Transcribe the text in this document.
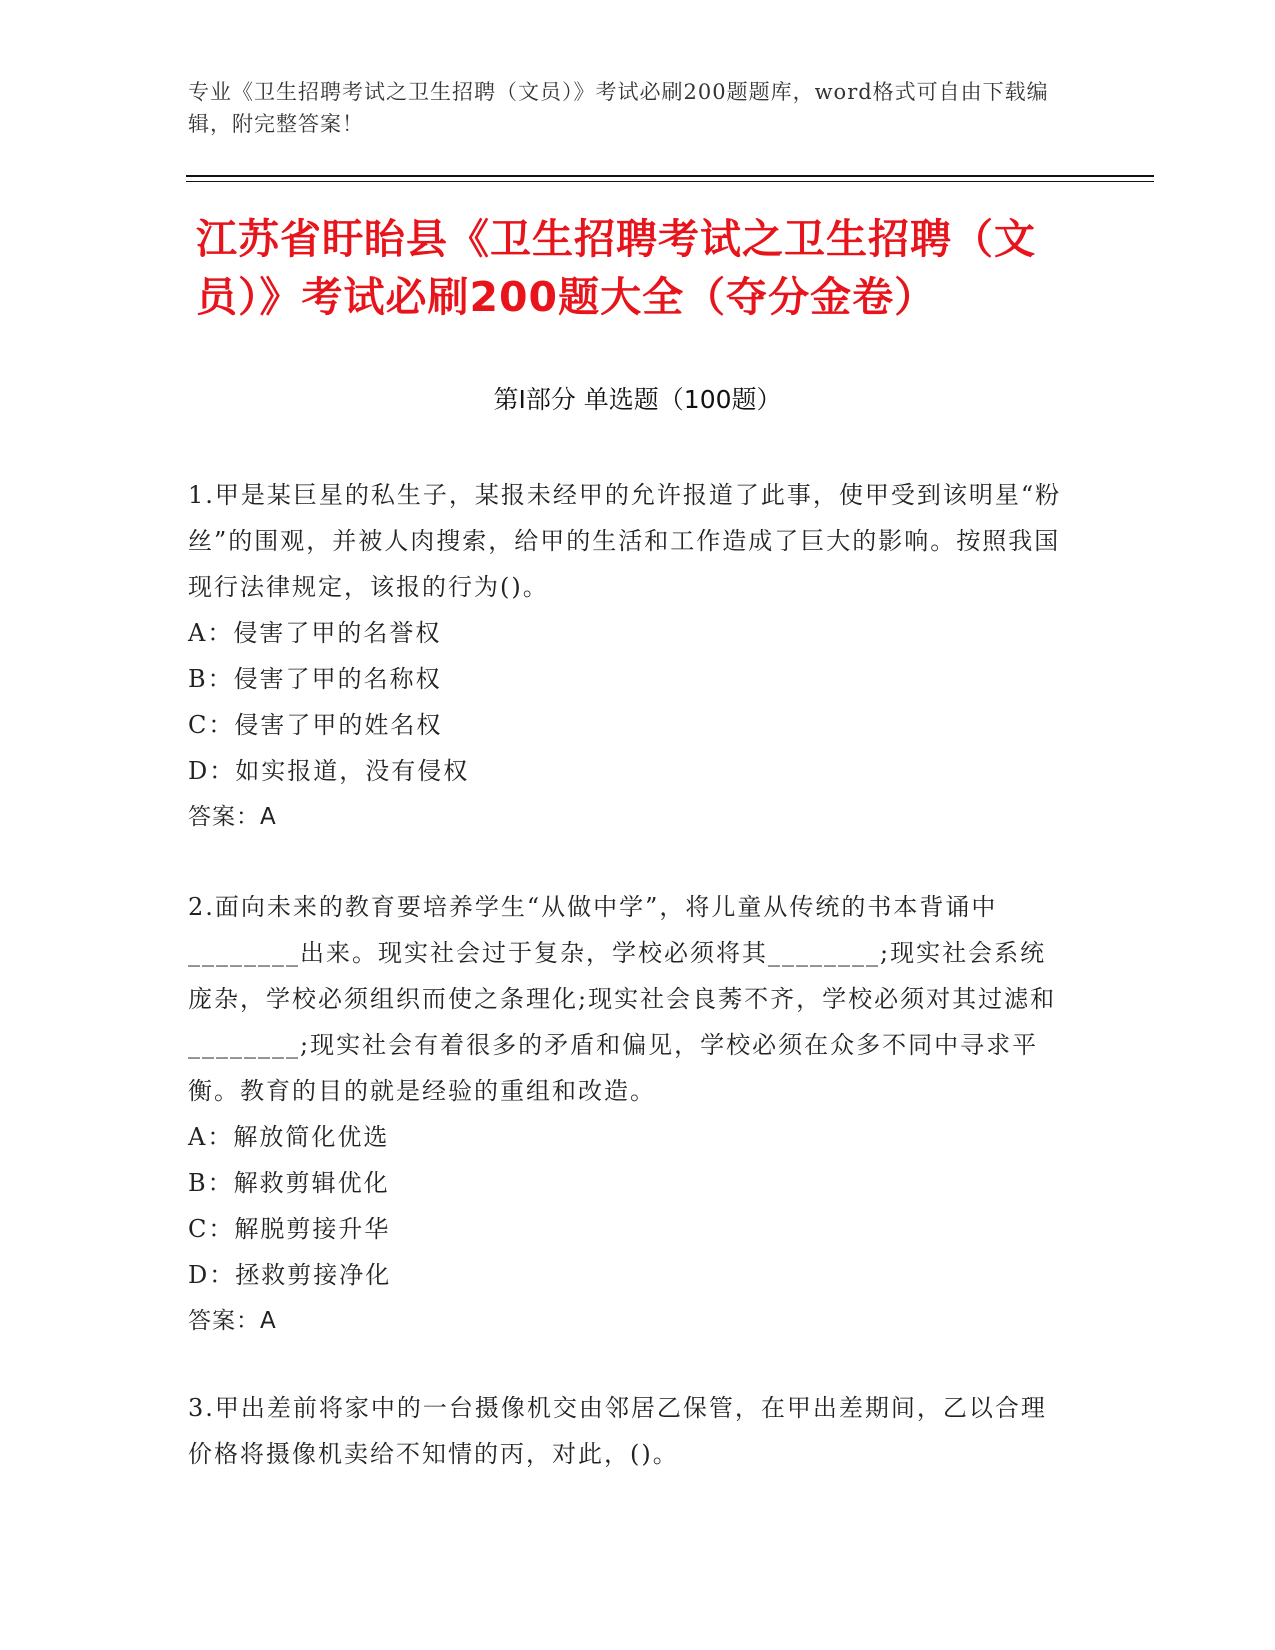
专业《卫生招聘考试之卫生招聘（文员）》考试必刷200题题库，word格式可自由下载编辑，附完整答案！
江苏省盱眙县《卫生招聘考试之卫生招聘（文员）》考试必刷200题大全（夺分金卷）
第Ⅰ部分 单选题（100题）

1.甲是某巨星的私生子，某报未经甲的允许报道了此事，使甲受到该明星“粉丝”的围观，并被人肉搜索，给甲的生活和工作造成了巨大的影响。按照我国现行法律规定，该报的行为()。

A：侵害了甲的名誉权

B：侵害了甲的名称权

C：侵害了甲的姓名权

D：如实报道，没有侵权

答案：A

2.面向未来的教育要培养学生“从做中学”，将儿童从传统的书本背诵中________出来。现实社会过于复杂，学校必须将其________;现实社会系统庞杂，学校必须组织而使之条理化;现实社会良莠不齐，学校必须对其过滤和________;现实社会有着很多的矛盾和偏见，学校必须在众多不同中寻求平衡。教育的目的就是经验的重组和改造。

A：解放简化优选

B：解救剪辑优化

C：解脱剪接升华

D：拯救剪接净化

答案：A

3.甲出差前将家中的一台摄像机交由邻居乙保管，在甲出差期间，乙以合理价格将摄像机卖给不知情的丙，对此，()。
